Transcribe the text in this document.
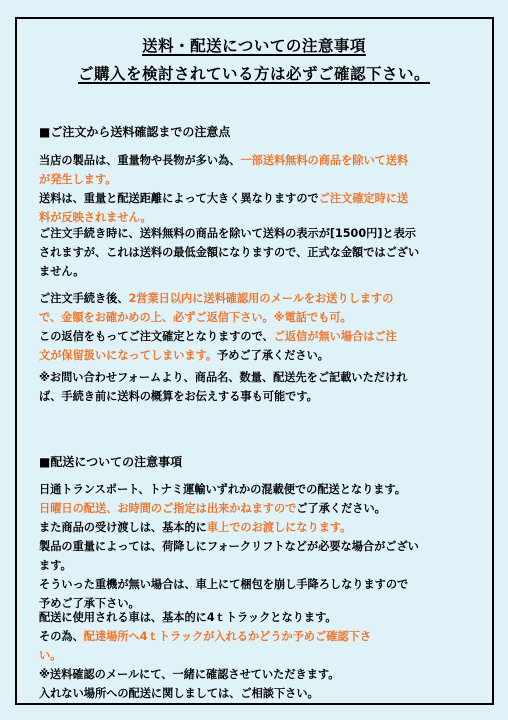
送料・配送についての注意事項
ご購入を検討されている方は必ずご確認下さい。
■ご注文から送料確認までの注意点
当店の製品は、重量物や長物が多い為、一部送料無料の商品を除いて送料
が発生します。
送料は、重量と配送距離によって大きく異なりますのでご注文確定時に送
料が反映されません。
ご注文手続き時に、送料無料の商品を除いて送料の表示が[1500円]と表示
されますが、これは送料の最低金額になりますので、正式な金額ではござい
ません。
ご注文手続き後、2営業日以内に送料確認用のメールをお送りしますの
で、金額をお確かめの上、必ずご返信下さい。※電話でも可。
この返信をもってご注文確定となりますので、ご返信が無い場合はご注
文が保留扱いになってしまいます。予めご了承ください。
※お問い合わせフォームより、商品名、数量、配送先をご記載いただけれ
ば、手続き前に送料の概算をお伝えする事も可能です。
■配送についての注意事項
日通トランスポート、トナミ運輸いずれかの混載便での配送となります。
日曜日の配送、お時間のご指定は出来かねますのでご了承ください。
また商品の受け渡しは、基本的に車上でのお渡しになります。
製品の重量によっては、荷降しにフォークリフトなどが必要な場合がござい
ます。
そういった重機が無い場合は、車上にて梱包を崩し手降ろしなりますので
予めご了承下さい。
配送に使用される車は、基本的に4ｔトラックとなります。
その為、配達場所へ4ｔトラックが入れるかどうか予めご確認下さ
い。
※送料確認のメールにて、一緒に確認させていただきます。
入れない場所への配送に関しましては、ご相談下さい。
